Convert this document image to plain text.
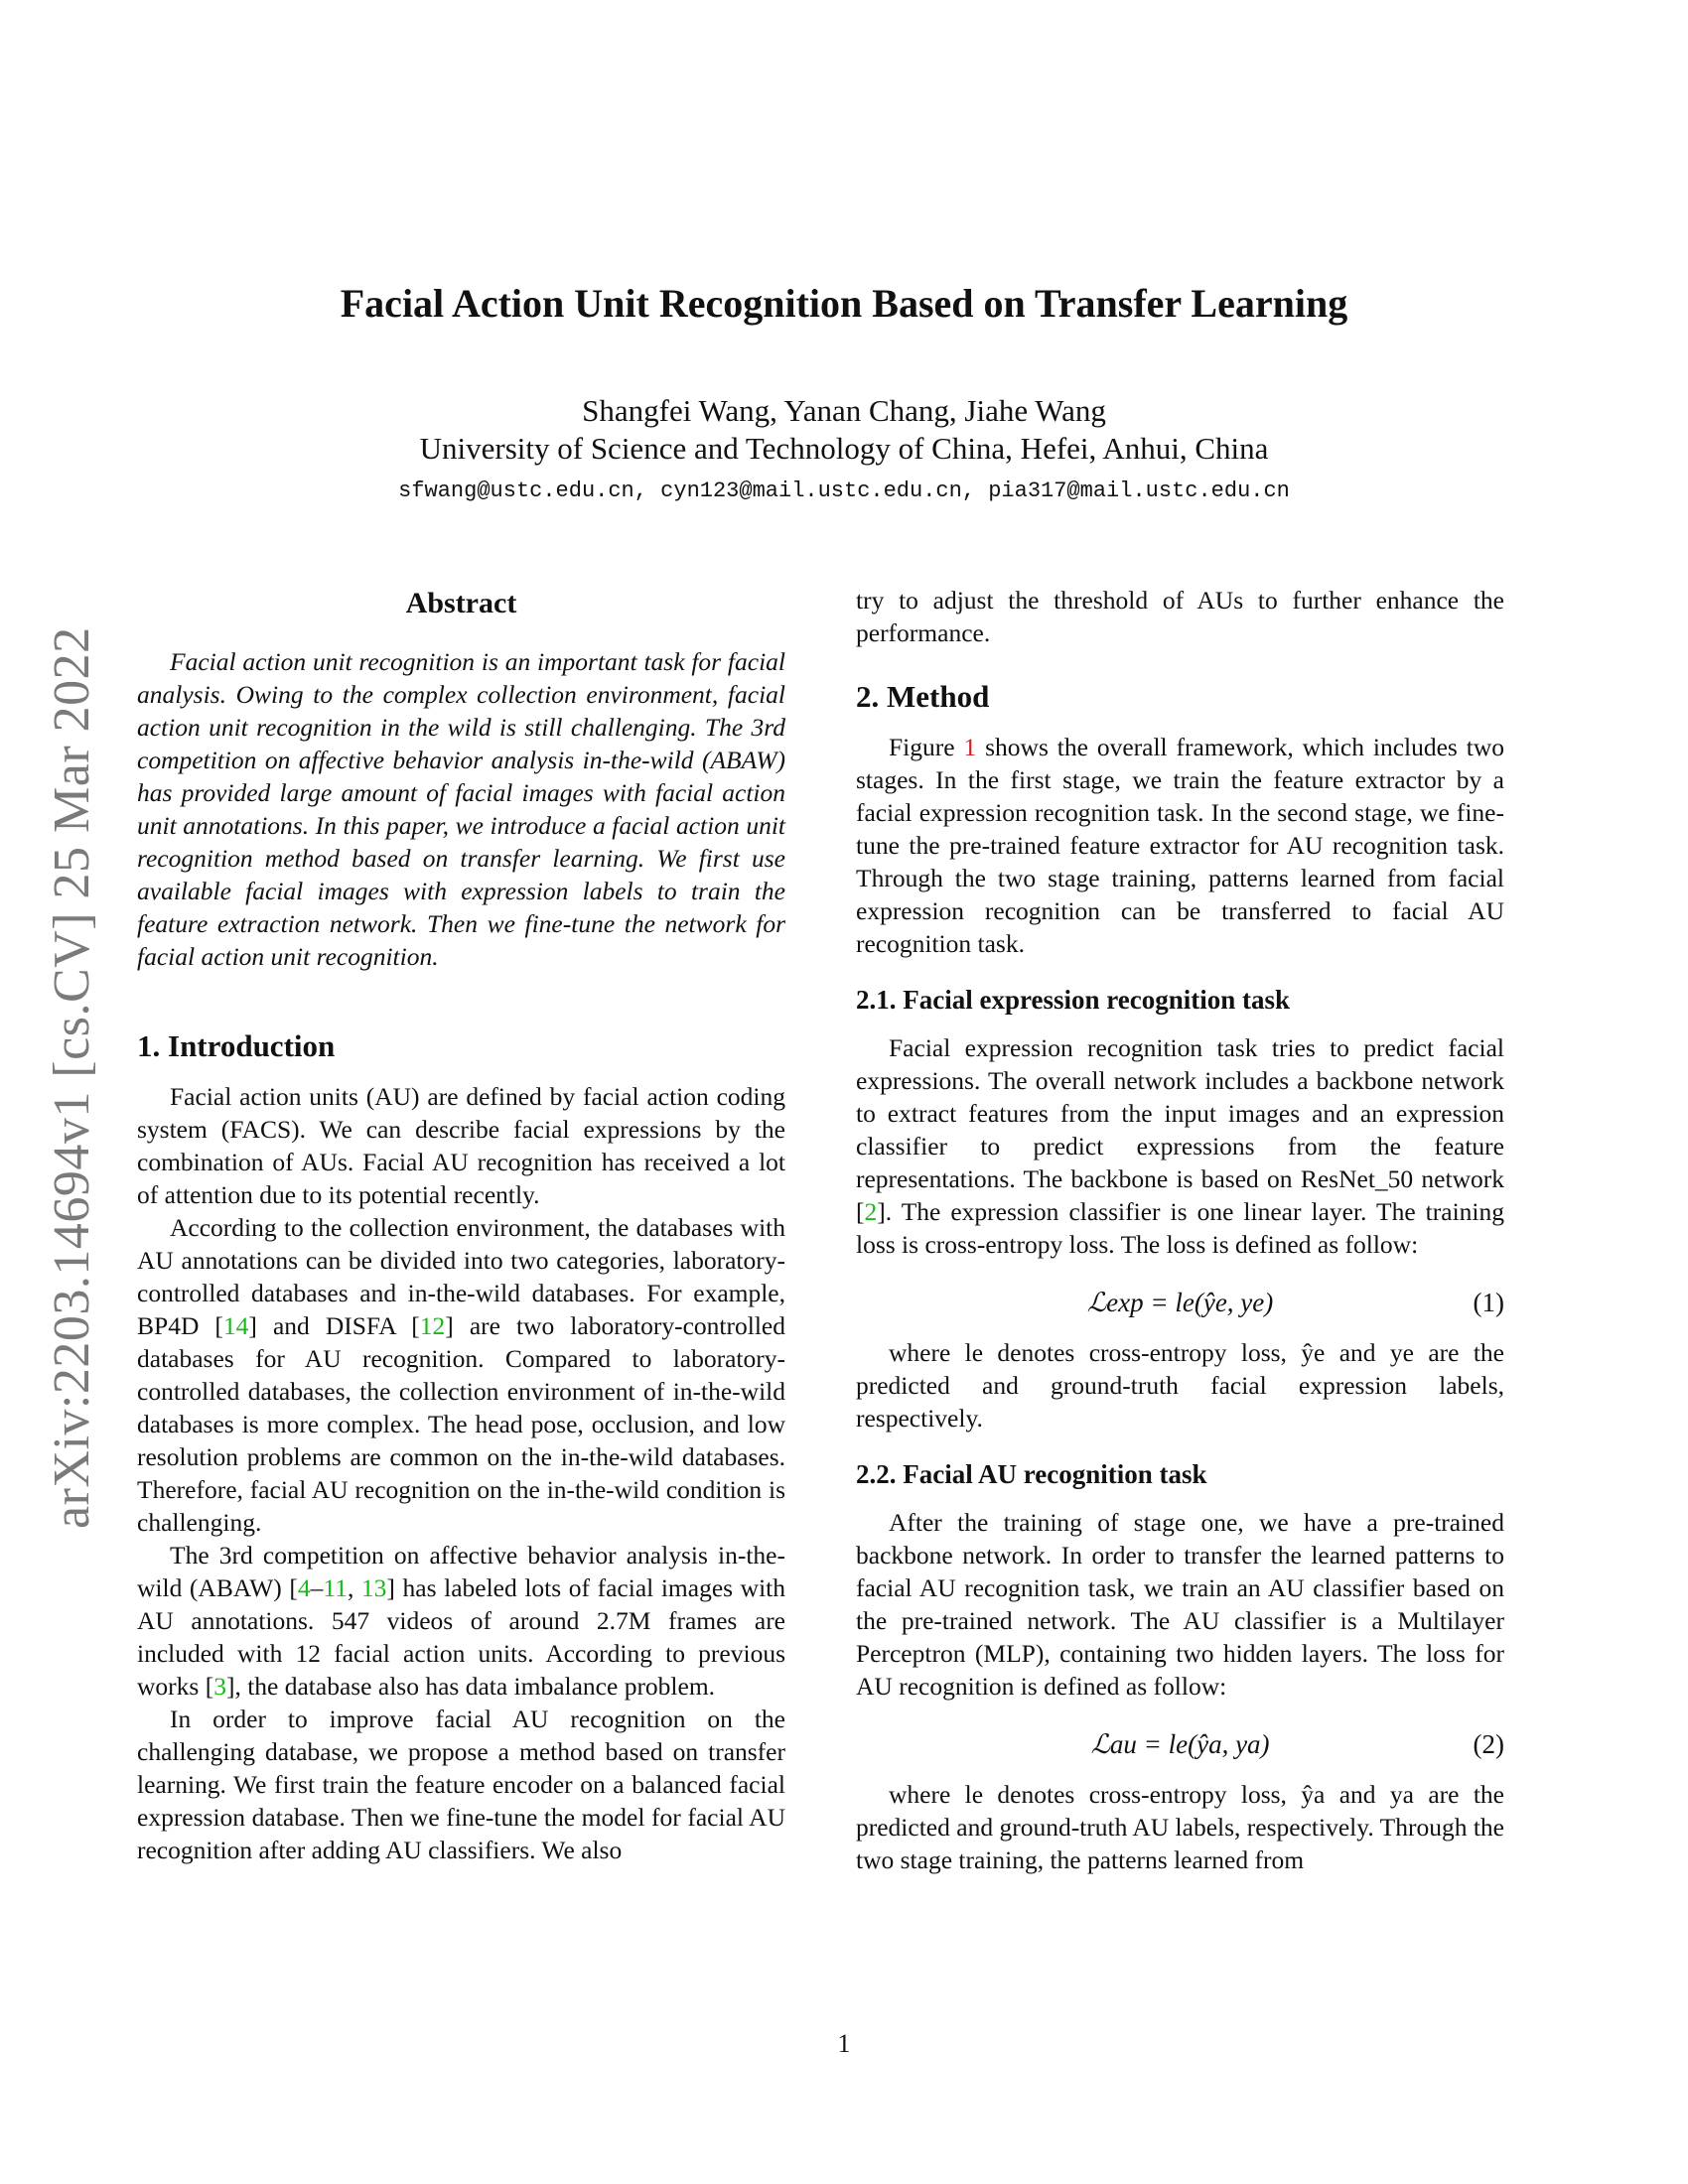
arXiv:2203.14694v1 [cs.CV] 25 Mar 2022
Facial Action Unit Recognition Based on Transfer Learning
Shangfei Wang, Yanan Chang, Jiahe Wang
University of Science and Technology of China, Hefei, Anhui, China
sfwang@ustc.edu.cn, cyn123@mail.ustc.edu.cn, pia317@mail.ustc.edu.cn
Abstract

Facial action unit recognition is an important task for facial analysis. Owing to the complex collection environment, facial action unit recognition in the wild is still challenging. The 3rd competition on affective behavior analysis in-the-wild (ABAW) has provided large amount of facial images with facial action unit annotations. In this paper, we introduce a facial action unit recognition method based on transfer learning. We first use available facial images with expression labels to train the feature extraction network. Then we fine-tune the network for facial action unit recognition.

1. Introduction

Facial action units (AU) are defined by facial action coding system (FACS). We can describe facial expressions by the combination of AUs. Facial AU recognition has received a lot of attention due to its potential recently.

According to the collection environment, the databases with AU annotations can be divided into two categories, laboratory-controlled databases and in-the-wild databases. For example, BP4D [14] and DISFA [12] are two laboratory-controlled databases for AU recognition. Compared to laboratory-controlled databases, the collection environment of in-the-wild databases is more complex. The head pose, occlusion, and low resolution problems are common on the in-the-wild databases. Therefore, facial AU recognition on the in-the-wild condition is challenging.

The 3rd competition on affective behavior analysis in-the-wild (ABAW) [4–11, 13] has labeled lots of facial images with AU annotations. 547 videos of around 2.7M frames are included with 12 facial action units. According to previous works [3], the database also has data imbalance problem.

In order to improve facial AU recognition on the challenging database, we propose a method based on transfer learning. We first train the feature encoder on a balanced facial expression database. Then we fine-tune the model for facial AU recognition after adding AU classifiers. We also

try to adjust the threshold of AUs to further enhance the performance.

2. Method

Figure 1 shows the overall framework, which includes two stages. In the first stage, we train the feature extractor by a facial expression recognition task. In the second stage, we fine-tune the pre-trained feature extractor for AU recognition task. Through the two stage training, patterns learned from facial expression recognition can be transferred to facial AU recognition task.

2.1. Facial expression recognition task

Facial expression recognition task tries to predict facial expressions. The overall network includes a backbone network to extract features from the input images and an expression classifier to predict expressions from the feature representations. The backbone is based on ResNet_50 network [2]. The expression classifier is one linear layer. The training loss is cross-entropy loss. The loss is defined as follow:

ℒexp = le(ŷe, ye)	(1)

where le denotes cross-entropy loss, ŷe and ye are the predicted and ground-truth facial expression labels, respectively.

2.2. Facial AU recognition task

After the training of stage one, we have a pre-trained backbone network. In order to transfer the learned patterns to facial AU recognition task, we train an AU classifier based on the pre-trained network. The AU classifier is a Multilayer Perceptron (MLP), containing two hidden layers. The loss for AU recognition is defined as follow:

ℒau = le(ŷa, ya)	(2)

where le denotes cross-entropy loss, ŷa and ya are the predicted and ground-truth AU labels, respectively. Through the two stage training, the patterns learned from

1
